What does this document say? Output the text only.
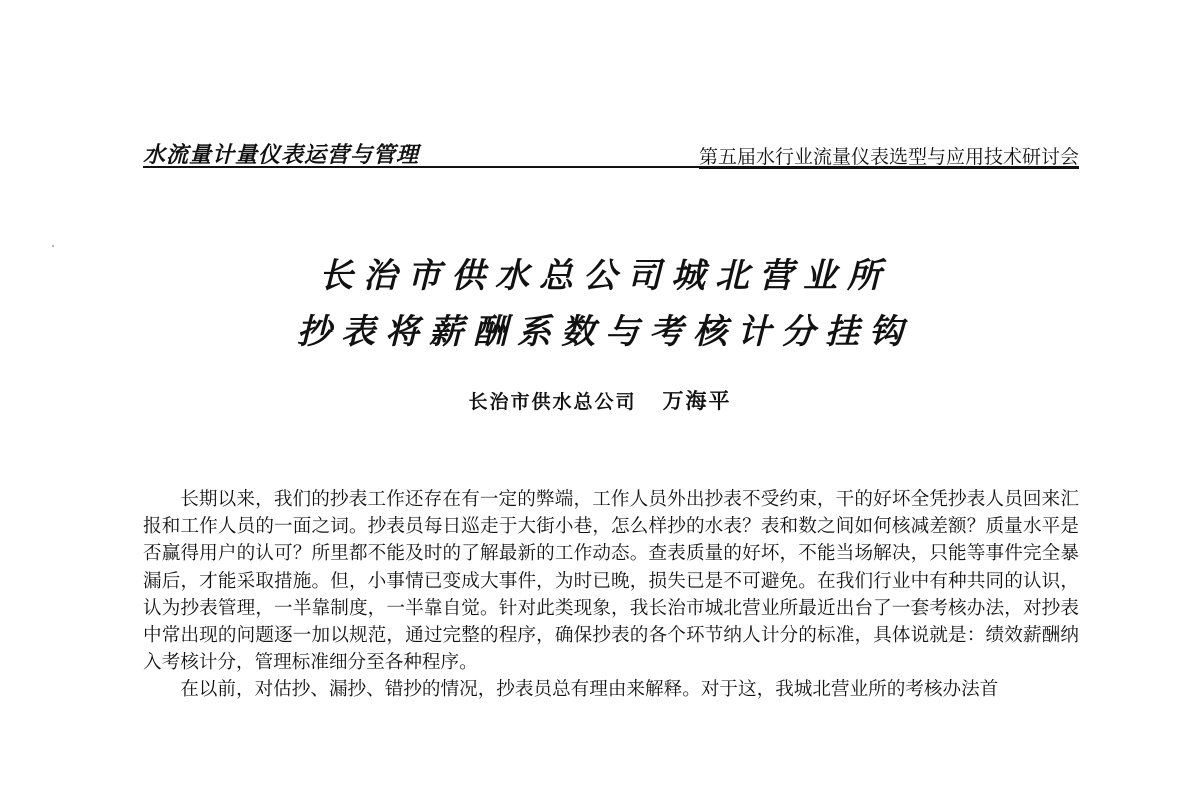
水流量计量仪表运营与管理	第五届水行业流量仪表选型与应用技术研讨会
长治市供水总公司城北营业所
抄表将薪酬系数与考核计分挂钩
长治市供水总公司 万海平

长期以来，我们的抄表工作还存在有一定的弊端，工作人员外出抄表不受约束，干的好坏全凭抄表人员回来汇报和工作人员的一面之词。抄表员每日巡走于大街小巷，怎么样抄的水表？表和数之间如何核减差额？质量水平是否赢得用户的认可？所里都不能及时的了解最新的工作动态。查表质量的好坏，不能当场解决，只能等事件完全暴漏后，才能采取措施。但，小事情已变成大事件，为时已晚，损失已是不可避免。在我们行业中有种共同的认识，认为抄表管理，一半靠制度，一半靠自觉。针对此类现象，我长治市城北营业所最近出台了一套考核办法，对抄表中常出现的问题逐一加以规范，通过完整的程序，确保抄表的各个环节纳人计分的标准，具体说就是：绩效薪酬纳入考核计分，管理标准细分至各种程序。

在以前，对估抄、漏抄、错抄的情况，抄表员总有理由来解释。对于这，我城北营业所的考核办法首
